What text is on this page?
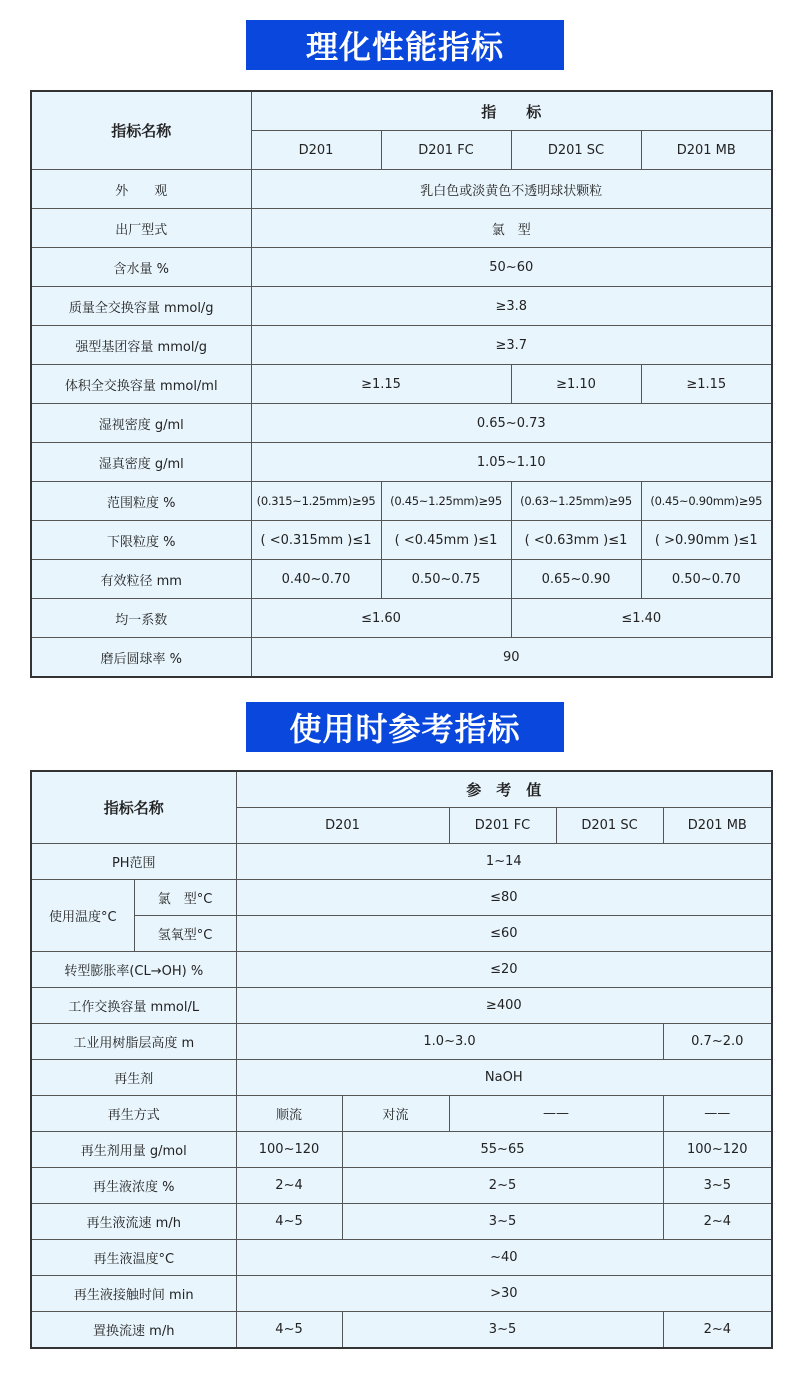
理化性能指标
指标名称	指　　标			
	D201	D201 FC	D201 SC	D201 MB
外　　观	乳白色或淡黄色不透明球状颗粒			
出厂型式	氯　型			
含水量 %	50~60			
质量全交换容量 mmol/g	≥3.8			
强型基团容量 mmol/g	≥3.7			
体积全交换容量 mmol/ml	≥1.15		≥1.10	≥1.15
湿视密度 g/ml	0.65~0.73			
湿真密度 g/ml	1.05~1.10			
范围粒度 %	(0.315~1.25mm)≥95	(0.45~1.25mm)≥95	(0.63~1.25mm)≥95	(0.45~0.90mm)≥95
下限粒度 %	( <0.315mm )≤1	( <0.45mm )≤1	( <0.63mm )≤1	( >0.90mm )≤1
有效粒径 mm	0.40~0.70	0.50~0.75	0.65~0.90	0.50~0.70
均一系数	≤1.60		≤1.40	
磨后圆球率 %	90			
使用时参考指标
指标名称		参　考　值				
		D201		D201 FC	D201 SC	D201 MB
PH范围		1~14				
使用温度°C	氯　型°C	≤80				
	氢氧型°C	≤60				
转型膨胀率(CL→OH) %		≤20				
工作交换容量 mmol/L		≥400				
工业用树脂层高度 m		1.0~3.0				0.7~2.0
再生剂		NaOH				
再生方式		顺流	对流	——		——
再生剂用量 g/mol		100~120	55~65			100~120
再生液浓度 %		2~4	2~5			3~5
再生液流速 m/h		4~5	3~5			2~4
再生液温度°C		~40				
再生液接触时间 min		>30				
置换流速 m/h		4~5	3~5			2~4
